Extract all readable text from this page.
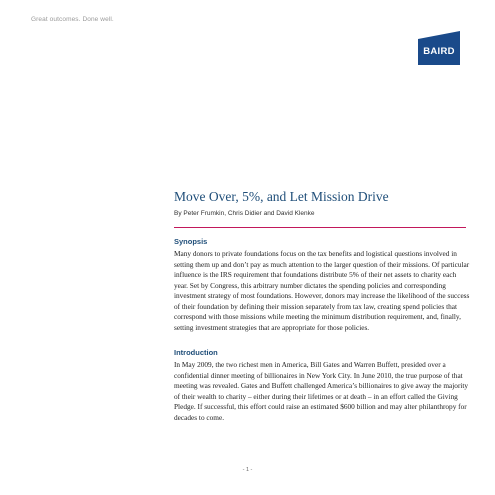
Great outcomes. Done well.
BAIRD
Move Over, 5%, and Let Mission Drive
By Peter Frumkin, Chris Didier and David Klenke
Synopsis
Many donors to private foundations focus on the tax benefits and logistical questions involved in setting them up and don’t pay as much attention to the larger question of their missions. Of particular influence is the IRS requirement that foundations distribute 5% of their net assets to charity each year. Set by Congress, this arbitrary number dictates the spending policies and corresponding investment strategy of most foundations. However, donors may increase the likelihood of the success of their foundation by defining their mission separately from tax law, creating spend policies that correspond with those missions while meeting the minimum distribution requirement, and, finally, setting investment strategies that are appropriate for those policies.
Introduction
In May 2009, the two richest men in America, Bill Gates and Warren Buffett, presided over a confidential dinner meeting of billionaires in New York City. In June 2010, the true purpose of that meeting was revealed. Gates and Buffett challenged America’s billionaires to give away the majority of their wealth to charity – either during their lifetimes or at death – in an effort called the Giving Pledge. If successful, this effort could raise an estimated $600 billion and may alter philanthropy for decades to come.
- 1 -
